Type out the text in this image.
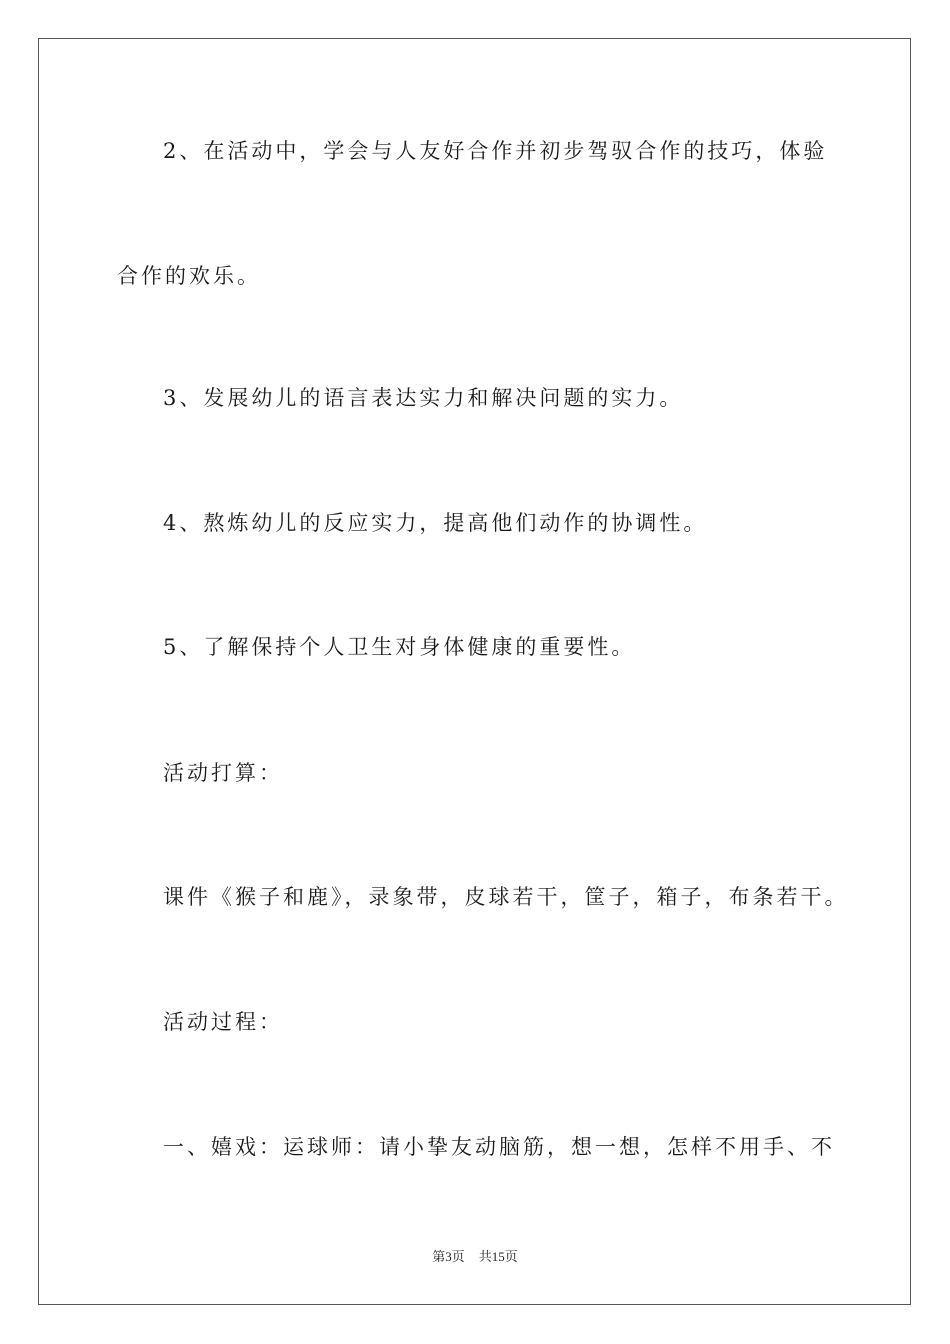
2、在活动中，学会与人友好合作并初步驾驭合作的技巧，体验
合作的欢乐。
3、发展幼儿的语言表达实力和解决问题的实力。
4、熬炼幼儿的反应实力，提高他们动作的协调性。
5、了解保持个人卫生对身体健康的重要性。
活动打算：
课件《猴子和鹿》，录象带，皮球若干，筐子，箱子，布条若干。
活动过程：
一、嬉戏：运球师：请小挚友动脑筋，想一想，怎样不用手、不
第3页 共15页
